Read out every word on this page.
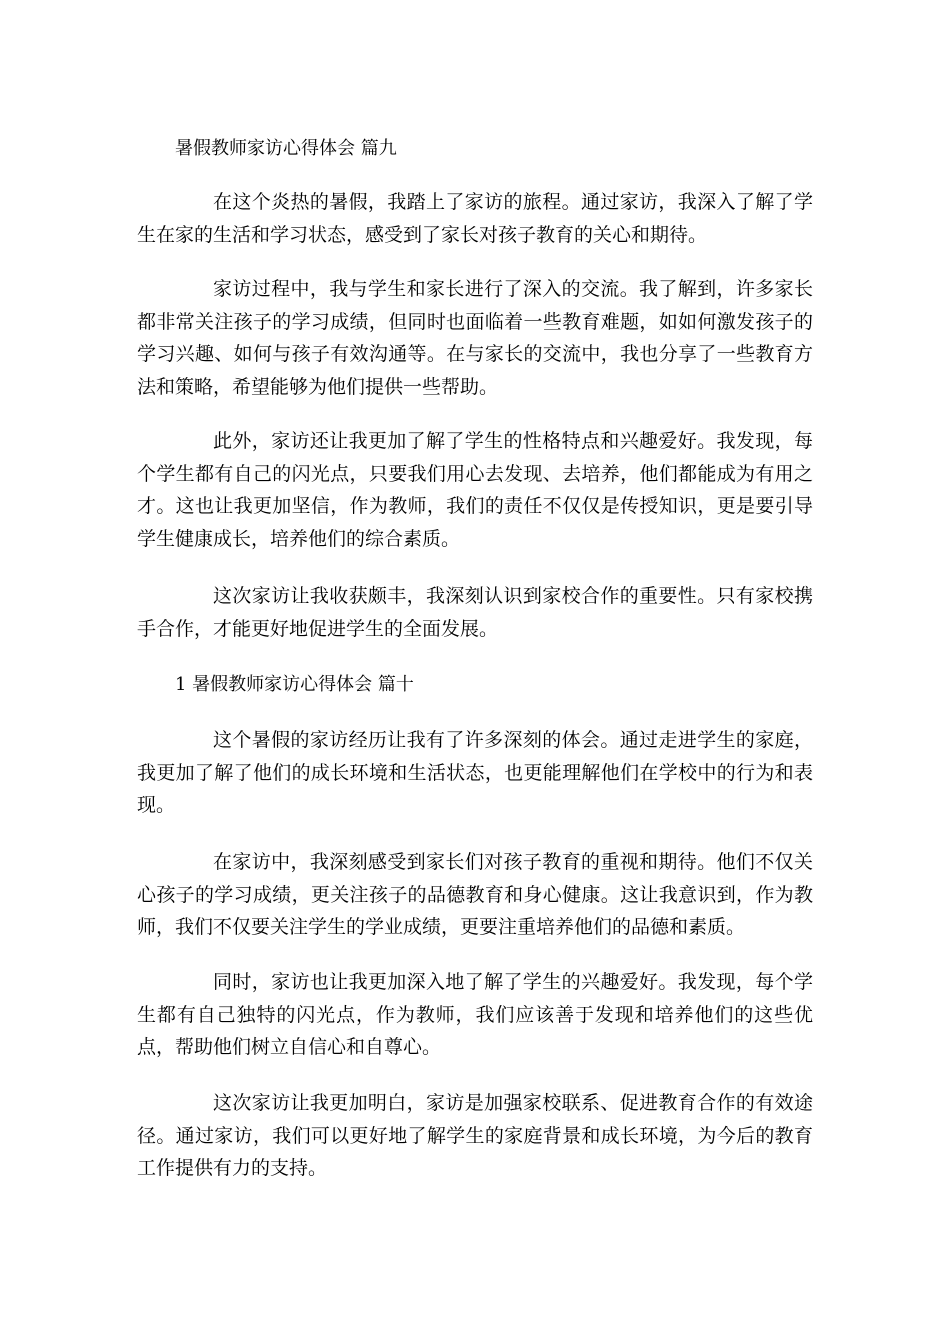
暑假教师家访心得体会 篇九

在这个炎热的暑假，我踏上了家访的旅程。通过家访，我深入了解了学生在家的生活和学习状态，感受到了家长对孩子教育的关心和期待。

家访过程中，我与学生和家长进行了深入的交流。我了解到，许多家长都非常关注孩子的学习成绩，但同时也面临着一些教育难题，如如何激发孩子的学习兴趣、如何与孩子有效沟通等。在与家长的交流中，我也分享了一些教育方法和策略，希望能够为他们提供一些帮助。

此外，家访还让我更加了解了学生的性格特点和兴趣爱好。我发现，每个学生都有自己的闪光点，只要我们用心去发现、去培养，他们都能成为有用之才。这也让我更加坚信，作为教师，我们的责任不仅仅是传授知识，更是要引导学生健康成长，培养他们的综合素质。

这次家访让我收获颇丰，我深刻认识到家校合作的重要性。只有家校携手合作，才能更好地促进学生的全面发展。

1 暑假教师家访心得体会 篇十

这个暑假的家访经历让我有了许多深刻的体会。通过走进学生的家庭，我更加了解了他们的成长环境和生活状态，也更能理解他们在学校中的行为和表现。

在家访中，我深刻感受到家长们对孩子教育的重视和期待。他们不仅关心孩子的学习成绩，更关注孩子的品德教育和身心健康。这让我意识到，作为教师，我们不仅要关注学生的学业成绩，更要注重培养他们的品德和素质。

同时，家访也让我更加深入地了解了学生的兴趣爱好。我发现，每个学生都有自己独特的闪光点，作为教师，我们应该善于发现和培养他们的这些优点，帮助他们树立自信心和自尊心。

这次家访让我更加明白，家访是加强家校联系、促进教育合作的有效途径。通过家访，我们可以更好地了解学生的家庭背景和成长环境，为今后的教育工作提供有力的支持。
